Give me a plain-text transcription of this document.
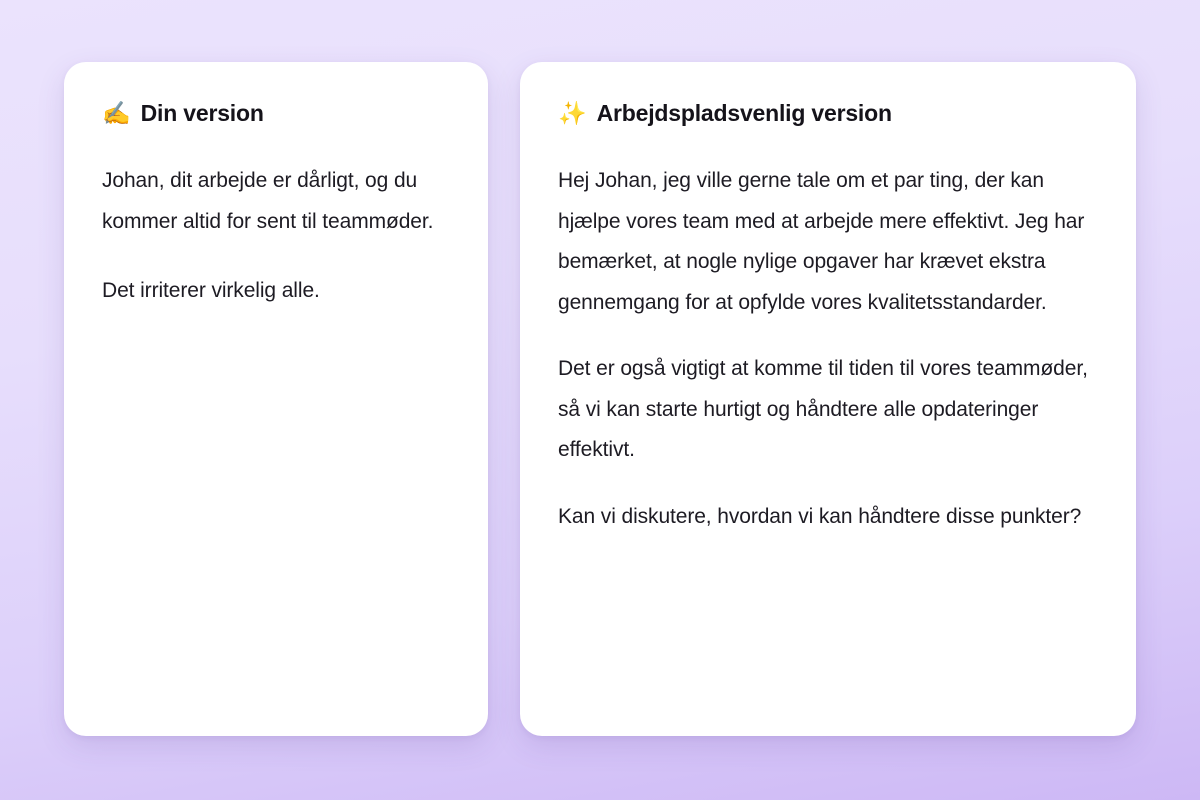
✍️ Din version

Johan, dit arbejde er dårligt, og du kommer altid for sent til teammøder.

Det irriterer virkelig alle.

✨ Arbejdspladsvenlig version

Hej Johan, jeg ville gerne tale om et par ting, der kan hjælpe vores team med at arbejde mere effektivt. Jeg har bemærket, at nogle nylige opgaver har krævet ekstra gennemgang for at opfylde vores kvalitetsstandarder.

Det er også vigtigt at komme til tiden til vores teammøder, så vi kan starte hurtigt og håndtere alle opdateringer effektivt.

Kan vi diskutere, hvordan vi kan håndtere disse punkter?
